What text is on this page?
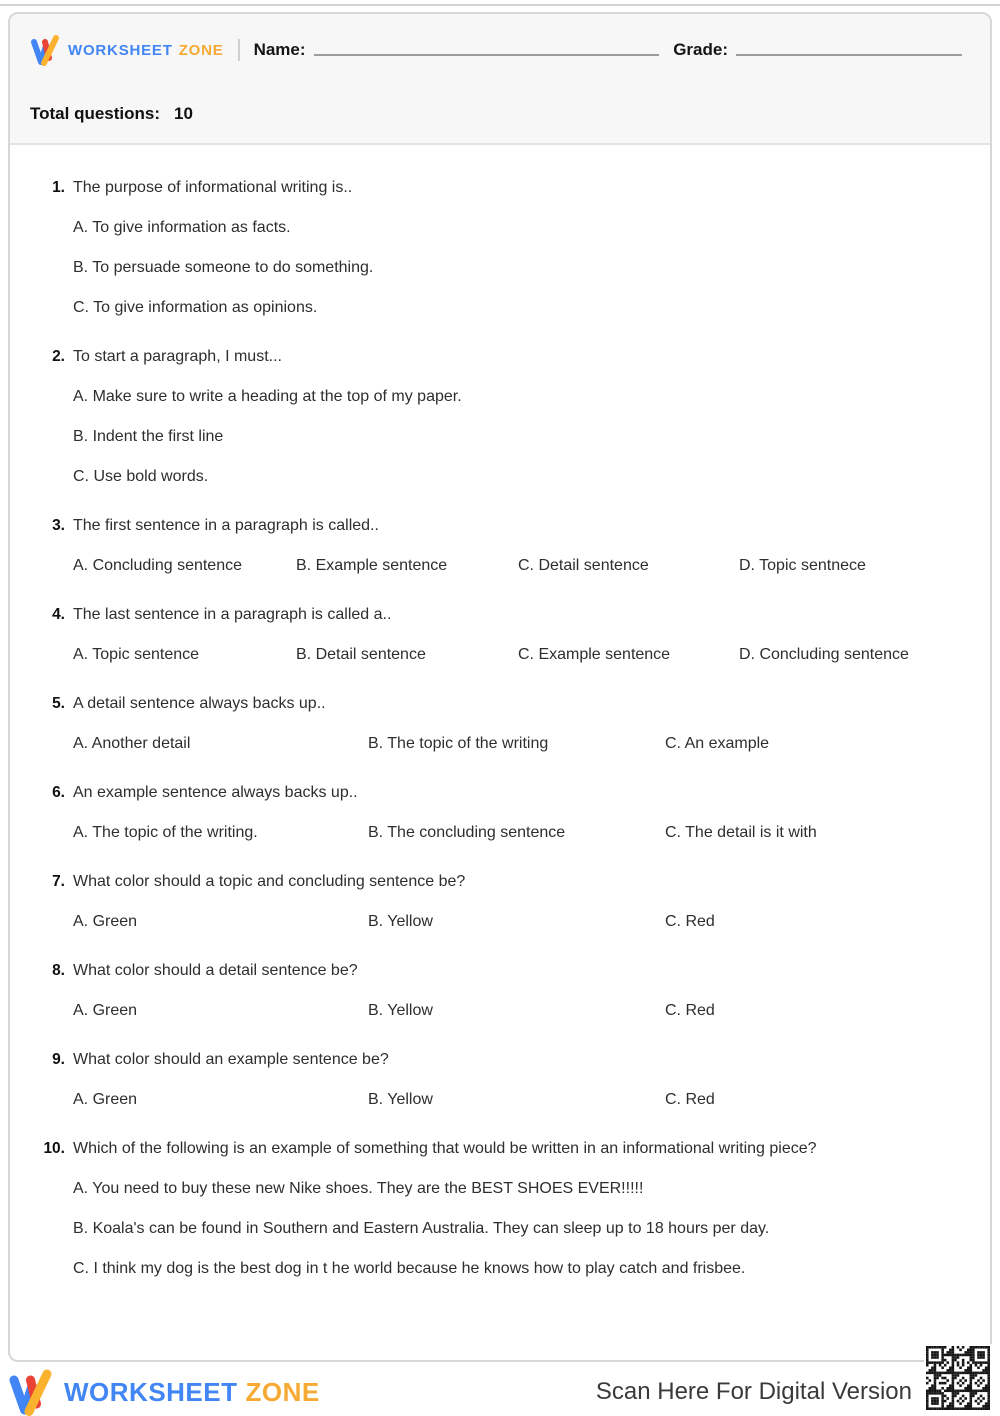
WORKSHEET ZONE Name:	Grade:
Total questions: 10
1. The purpose of informational writing is..
A. To give information as facts.
B. To persuade someone to do something.
C. To give information as opinions.
2. To start a paragraph, I must...
A. Make sure to write a heading at the top of my paper.
B. Indent the first line
C. Use bold words.
3. The first sentence in a paragraph is called..
A. Concluding sentence	B. Example sentence	C. Detail sentence	D. Topic sentnece
4. The last sentence in a paragraph is called a..
A. Topic sentence	B. Detail sentence	C. Example sentence	D. Concluding sentence
5. A detail sentence always backs up..
A. Another detail	B. The topic of the writing	C. An example
6. An example sentence always backs up..
A. The topic of the writing.	B. The concluding sentence	C. The detail is it with
7. What color should a topic and concluding sentence be?
A. Green	B. Yellow	C. Red
8. What color should a detail sentence be?
A. Green	B. Yellow	C. Red
9. What color should an example sentence be?
A. Green	B. Yellow	C. Red
10. Which of the following is an example of something that would be written in an informational writing piece?
A. You need to buy these new Nike shoes. They are the BEST SHOES EVER!!!!!
B. Koala's can be found in Southern and Eastern Australia. They can sleep up to 18 hours per day.
C. I think my dog is the best dog in t he world because he knows how to play catch and frisbee.
WORKSHEET ZONE	Scan Here For Digital Version
